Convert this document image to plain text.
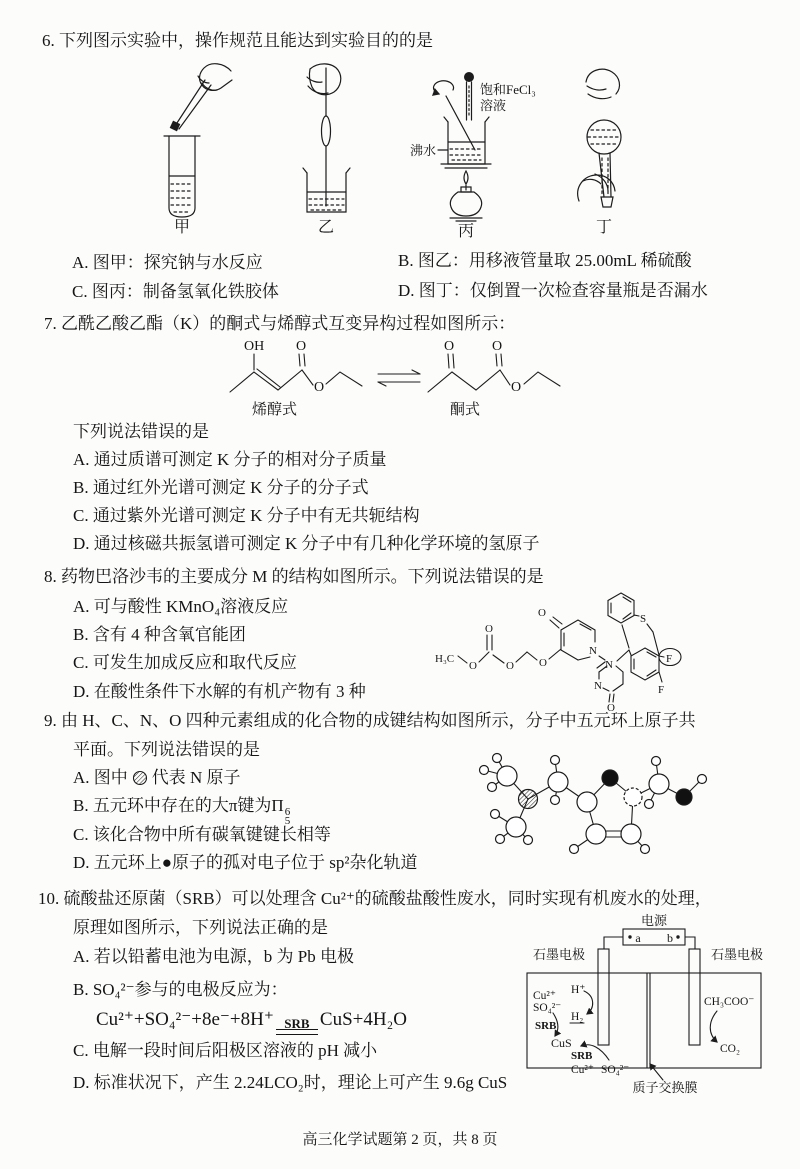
6. 下列图示实验中，操作规范且能达到实验目的的是
甲	乙
饱和FeCl₃
溶液
沸水
丙	丁
A. 图甲：探究钠与水反应	B. 图乙：用移液管量取 25.00mL 稀硫酸
C. 图丙：制备氢氧化铁胶体	D. 图丁：仅倒置一次检查容量瓶是否漏水
7. 乙酰乙酸乙酯（K）的酮式与烯醇式互变异构过程如图所示：
OH O
O
烯醇式
O	O
O
酮式
下列说法错误的是
A. 通过质谱可测定 K 分子的相对分子质量
B. 通过红外光谱可测定 K 分子的分子式
C. 通过紫外光谱可测定 K 分子中有无共轭结构
D. 通过核磁共振氢谱可测定 K 分子中有几种化学环境的氢原子
8. 药物巴洛沙韦的主要成分 M 的结构如图所示。下列说法错误的是
A. 可与酸性 KMnO₄溶液反应
B. 含有 4 种含氧官能团
C. 可发生加成反应和取代反应
D. 在酸性条件下水解的有机产物有 3 种
H₃C
O
O
O O
O
N
N
S
F
F
N
O
9. 由 H、C、N、O 四种元素组成的化合物的成键结构如图所示，分子中五元环上原子共
平面。下列说法错误的是
A. 图中 代表 N 原子
B. 五元环中存在的大π键为Π 6
5
C. 该化合物中所有碳氧键键长相等
D. 五元环上●原子的孤对电子位于 sp²杂化轨道
10. 硫酸盐还原菌（SRB）可以处理含 Cu²⁺的硫酸盐酸性废水，同时实现有机废水的处理，
原理如图所示，下列说法正确的是
A. 若以铅蓄电池为电源，b 为 Pb 电极
B. SO₄²⁻参与的电极反应为：
Cu²⁺+SO₄²⁻+8e⁻+8H⁺ SRB CuS+4H₂O
C. 电解一段时间后阳极区溶液的 pH 减小
D. 标准状况下，产生 2.24LCO₂时，理论上可产生 9.6g CuS
电源
a b
石墨电极	石墨电极
Cu²⁺
SO₄²⁻
H⁺
H₂
SRB
CuS
SRB
Cu²⁺ SO₄²⁻
CH₃COO⁻
CO₂
质子交换膜
高三化学试题第 2 页，共 8 页
